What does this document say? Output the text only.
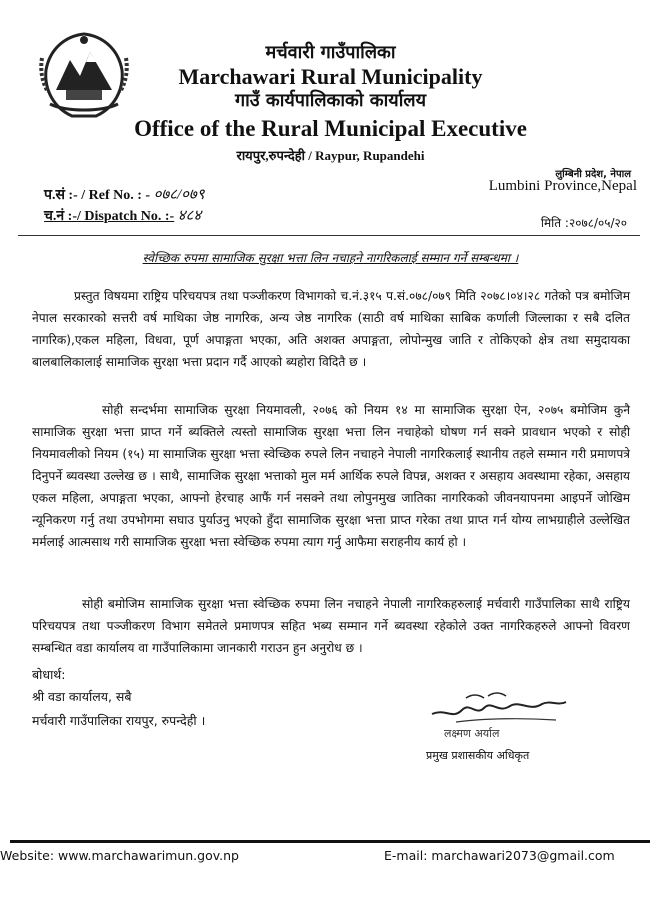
मर्चवारी गाउँपालिका
Marchawari Rural Municipality
गाउँ कार्यपालिकाको कार्यालय
Office of the Rural Municipal Executive
रायपुर,रुपन्देही / Raypur, Rupandehi
लुम्बिनी प्रदेश, नेपाल
Lumbini Province,Nepal
प.सं :- / Ref No. : - ०७८/०७९
च.नं :-/ Dispatch No. :- ४८४	मिति :२०७८/०५/२०
स्वेच्छिक रुपमा सामाजिक सुरक्षा भत्ता लिन नचाहने नागरिकलाई सम्मान गर्ने सम्बन्धमा ।
प्रस्तुत विषयमा राष्ट्रिय परिचयपत्र तथा पञ्जीकरण विभागको च.नं.३१५ प.सं.०७८/०७९ मिति २०७८।०४।२८ गतेको पत्र बमोजिम नेपाल सरकारको सत्तरी वर्ष माथिका जेष्ठ नागरिक, अन्य जेष्ठ नागरिक (साठी वर्ष माथिका साबिक कर्णाली जिल्लाका र सबै दलित नागरिक),एकल महिला, विधवा, पूर्ण अपाङ्गता भएका, अति अशक्त अपाङ्गता, लोपोन्मुख जाति र तोकिएको क्षेत्र तथा समुदायका बालबालिकालाई सामाजिक सुरक्षा भत्ता प्रदान गर्दै आएको ब्यहोरा विदितै छ ।
सोही सन्दर्भमा सामाजिक सुरक्षा नियमावली, २०७६ को नियम १४ मा सामाजिक सुरक्षा ऐन, २०७५ बमोजिम कुनै सामाजिक सुरक्षा भत्ता प्राप्त गर्ने ब्यक्तिले त्यस्तो सामाजिक सुरक्षा भत्ता लिन नचाहेको घोषण गर्न सक्ने प्रावधान भएको र सोही नियमावलीको नियम (१५) मा सामाजिक सुरक्षा भत्ता स्वेच्छिक रुपले लिन नचाहने नेपाली नागरिकलाई स्थानीय तहले सम्मान गरी प्रमाणपत्रे दिनुपर्ने ब्यवस्था उल्लेख छ । साथै, सामाजिक सुरक्षा भत्ताको मुल मर्म आर्थिक रुपले विपन्न, अशक्त र असहाय अवस्थामा रहेका, असहाय एकल महिला, अपाङ्गता भएका, आफ्नो हेरचाह आफैं गर्न नसक्ने तथा लोपुनमुख जातिका नागरिकको जीवनयापनमा आइपर्ने जोखिम न्यूनिकरण गर्नु तथा उपभोगमा सघाउ पुर्याउनु भएको हुँदा सामाजिक सुरक्षा भत्ता प्राप्त गरेका तथा प्राप्त गर्न योग्य लाभग्राहीले उल्लेखित मर्मलाई आत्मसाथ गरी सामाजिक सुरक्षा भत्ता स्वेच्छिक रुपमा त्याग गर्नु आफैमा सराहनीय कार्य हो ।
सोही बमोजिम सामाजिक सुरक्षा भत्ता स्वेच्छिक रुपमा लिन नचाहने नेपाली नागरिकहरुलाई मर्चवारी गाउँपालिका साथै राष्ट्रिय परिचयपत्र तथा पञ्जीकरण विभाग समेतले प्रमाणपत्र सहित भब्य सम्मान गर्ने ब्यवस्था रहेकोले उक्त नागरिकहरुले आफ्नो विवरण सम्बन्धित वडा कार्यालय वा गाउँपालिकामा जानकारी गराउन हुन अनुरोध छ ।
बोधार्थ:
श्री वडा कार्यालय, सबै
मर्चवारी गाउँपालिका रायपुर, रुपन्देही ।
लक्ष्मण अर्याल
प्रमुख प्रशासकीय अधिकृत
Website: www.marchawarimun.gov.np	E-mail: marchawari2073@gmail.com
